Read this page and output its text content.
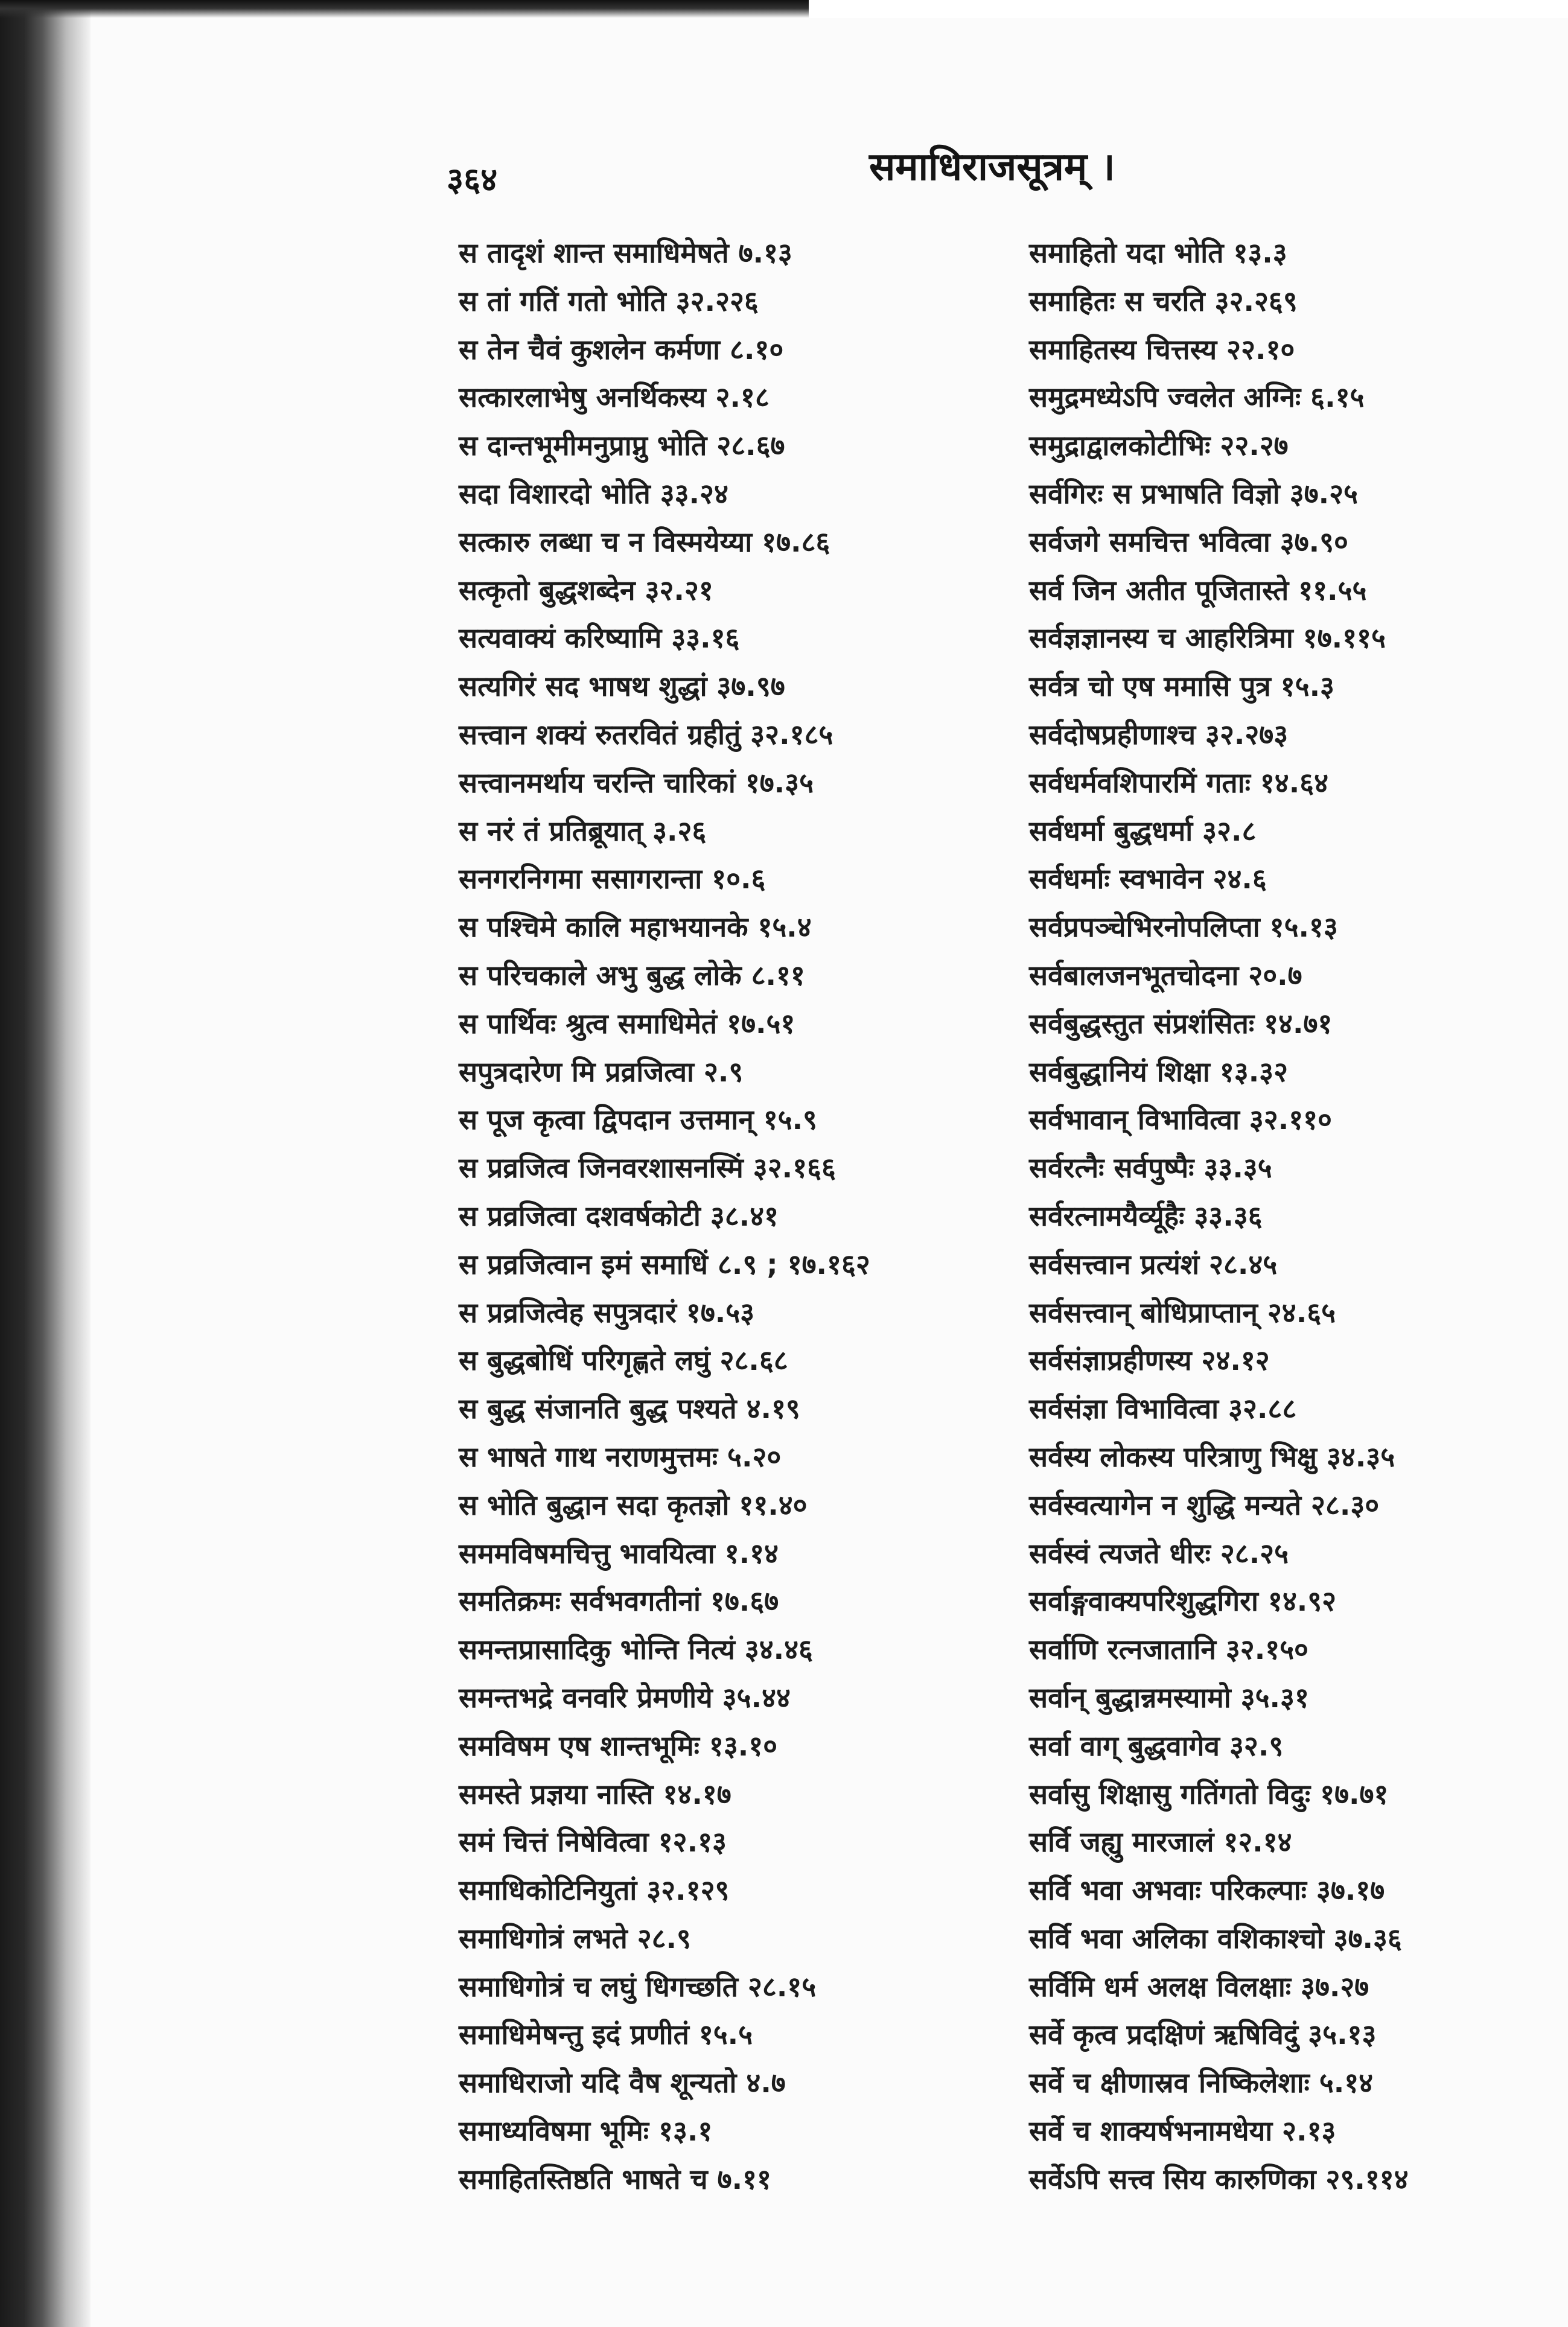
३६४	समाधिराजसूत्रम् ।
स तादृशं शान्त समाधिमेषते ७.१३
स तां गतिं गतो भोति ३२.२२६
स तेन चैवं कुशलेन कर्मणा ८.१०
सत्कारलाभेषु अनर्थिकस्य २.१८
स दान्तभूमीमनुप्राप्नु भोति २८.६७
सदा विशारदो भोति ३३.२४
सत्कारु लब्धा च न विस्मयेय्या १७.८६
सत्कृतो बुद्धशब्देन ३२.२१
सत्यवाक्यं करिष्यामि ३३.१६
सत्यगिरं सद भाषथ शुद्धां ३७.९७
सत्त्वान शक्यं रुतरवितं ग्रहीतुं ३२.१८५
सत्त्वानमर्थाय चरन्ति चारिकां १७.३५
स नरं तं प्रतिब्रूयात् ३.२६
सनगरनिगमा ससागरान्ता १०.६
स पश्चिमे कालि महाभयानके १५.४
स परिचकाले अभु बुद्ध लोके ८.११
स पार्थिवः श्रुत्व समाधिमेतं १७.५१
सपुत्रदारेण मि प्रव्रजित्वा २.९
स पूज कृत्वा द्विपदान उत्तमान् १५.९
स प्रव्रजित्व जिनवरशासनस्मिं ३२.१६६
स प्रव्रजित्वा दशवर्षकोटी ३८.४१
स प्रव्रजित्वान इमं समाधिं ८.९ ; १७.१६२
स प्रव्रजित्वेह सपुत्रदारं १७.५३
स बुद्धबोधिं परिगृह्णते लघुं २८.६८
स बुद्ध संजानति बुद्ध पश्यते ४.१९
स भाषते गाथ नराणमुत्तमः ५.२०
स भोति बुद्धान सदा कृतज्ञो ११.४०
सममविषमचित्तु भावयित्वा १.१४
समतिक्रमः सर्वभवगतीनां १७.६७
समन्तप्रासादिकु भोन्ति नित्यं ३४.४६
समन्तभद्रे वनवरि प्रेमणीये ३५.४४
समविषम एष शान्तभूमिः १३.१०
समस्ते प्रज्ञया नास्ति १४.१७
समं चित्तं निषेवित्वा १२.१३
समाधिकोटिनियुतां ३२.१२९
समाधिगोत्रं लभते २८.९
समाधिगोत्रं च लघुं धिगच्छति २८.१५
समाधिमेषन्तु इदं प्रणीतं १५.५
समाधिराजो यदि वैष शून्यतो ४.७
समाध्यविषमा भूमिः १३.१
समाहितस्तिष्ठति भाषते च ७.११
समाहितो यदा भोति १३.३
समाहितः स चरति ३२.२६९
समाहितस्य चित्तस्य २२.१०
समुद्रमध्येऽपि ज्वलेत अग्निः ६.१५
समुद्राद्वालकोटीभिः २२.२७
सर्वगिरः स प्रभाषति विज्ञो ३७.२५
सर्वजगे समचित्त भवित्वा ३७.९०
सर्व जिन अतीत पूजितास्ते ११.५५
सर्वज्ञज्ञानस्य च आहरित्रिमा १७.११५
सर्वत्र चो एष ममासि पुत्र १५.३
सर्वदोषप्रहीणाश्च ३२.२७३
सर्वधर्मवशिपारमिं गताः १४.६४
सर्वधर्मा बुद्धधर्मा ३२.८
सर्वधर्माः स्वभावेन २४.६
सर्वप्रपञ्चेभिरनोपलिप्ता १५.१३
सर्वबालजनभूतचोदना २०.७
सर्वबुद्धस्तुत संप्रशंसितः १४.७१
सर्वबुद्धानियं शिक्षा १३.३२
सर्वभावान् विभावित्वा ३२.११०
सर्वरत्नैः सर्वपुष्पैः ३३.३५
सर्वरत्नामयैर्व्यूहैः ३३.३६
सर्वसत्त्वान प्रत्यंशं २८.४५
सर्वसत्त्वान् बोधिप्राप्तान् २४.६५
सर्वसंज्ञाप्रहीणस्य २४.१२
सर्वसंज्ञा विभावित्वा ३२.८८
सर्वस्य लोकस्य परित्राणु भिक्षु ३४.३५
सर्वस्वत्यागेन न शुद्धि मन्यते २८.३०
सर्वस्वं त्यजते धीरः २८.२५
सर्वाङ्गवाक्यपरिशुद्धगिरा १४.९२
सर्वाणि रत्नजातानि ३२.१५०
सर्वान् बुद्धान्नमस्यामो ३५.३१
सर्वा वाग् बुद्धवागेव ३२.९
सर्वासु शिक्षासु गतिंगतो विदुः १७.७१
सर्वि जह्यु मारजालं १२.१४
सर्वि भवा अभवाः परिकल्पाः ३७.१७
सर्वि भवा अलिका वशिकाश्चो ३७.३६
सर्विमि धर्म अलक्ष विलक्षाः ३७.२७
सर्वे कृत्व प्रदक्षिणं ऋषिविदुं ३५.१३
सर्वे च क्षीणास्रव निष्किलेशाः ५.१४
सर्वे च शाक्यर्षभनामधेया २.१३
सर्वेऽपि सत्त्व सिय कारुणिका २९.११४
